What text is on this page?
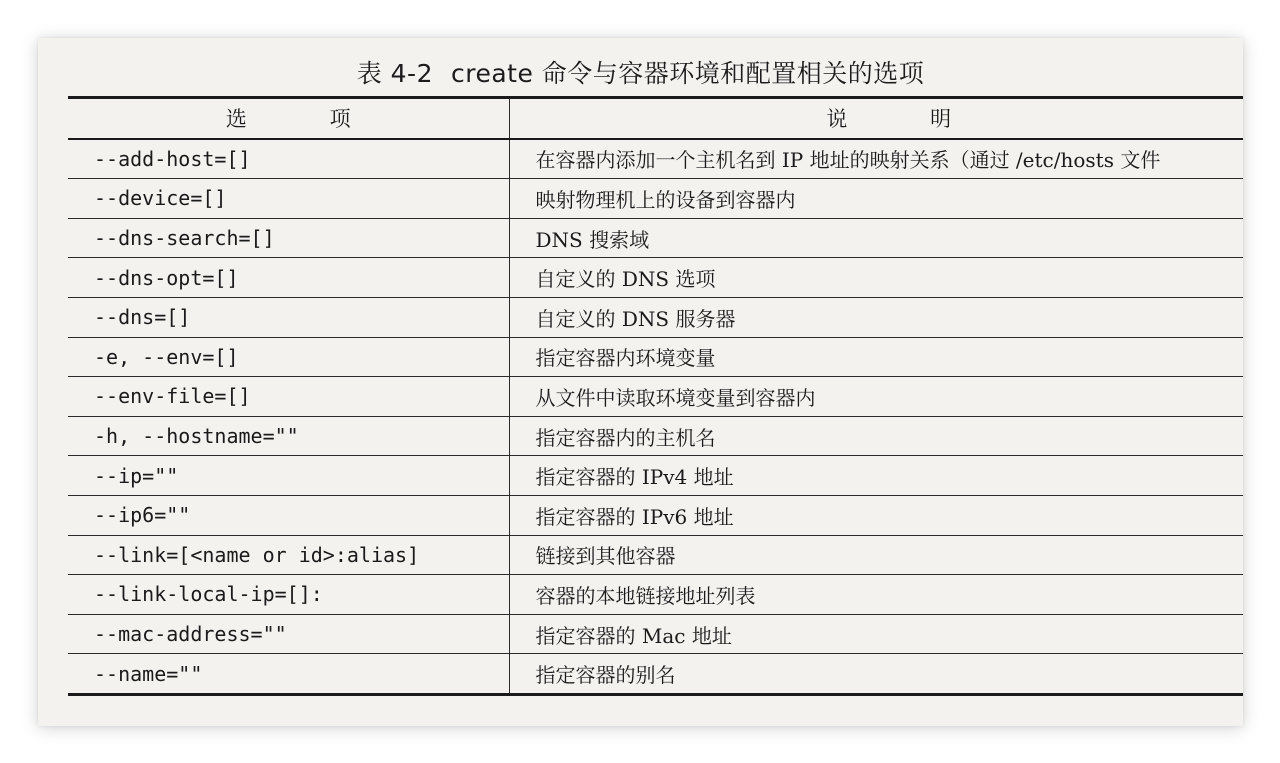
表 4-2 create 命令与容器环境和配置相关的选项
选 项	说 明
--add-host=[]	在容器内添加一个主机名到 IP 地址的映射关系（通过 /etc/hosts 文件
--device=[]	映射物理机上的设备到容器内
--dns-search=[]	DNS 搜索域
--dns-opt=[]	自定义的 DNS 选项
--dns=[]	自定义的 DNS 服务器
-e, --env=[]	指定容器内环境变量
--env-file=[]	从文件中读取环境变量到容器内
-h, --hostname=""	指定容器内的主机名
--ip=""	指定容器的 IPv4 地址
--ip6=""	指定容器的 IPv6 地址
--link=[<name or id>:alias]	链接到其他容器
--link-local-ip=[]:	容器的本地链接地址列表
--mac-address=""	指定容器的 Mac 地址
--name=""	指定容器的别名
